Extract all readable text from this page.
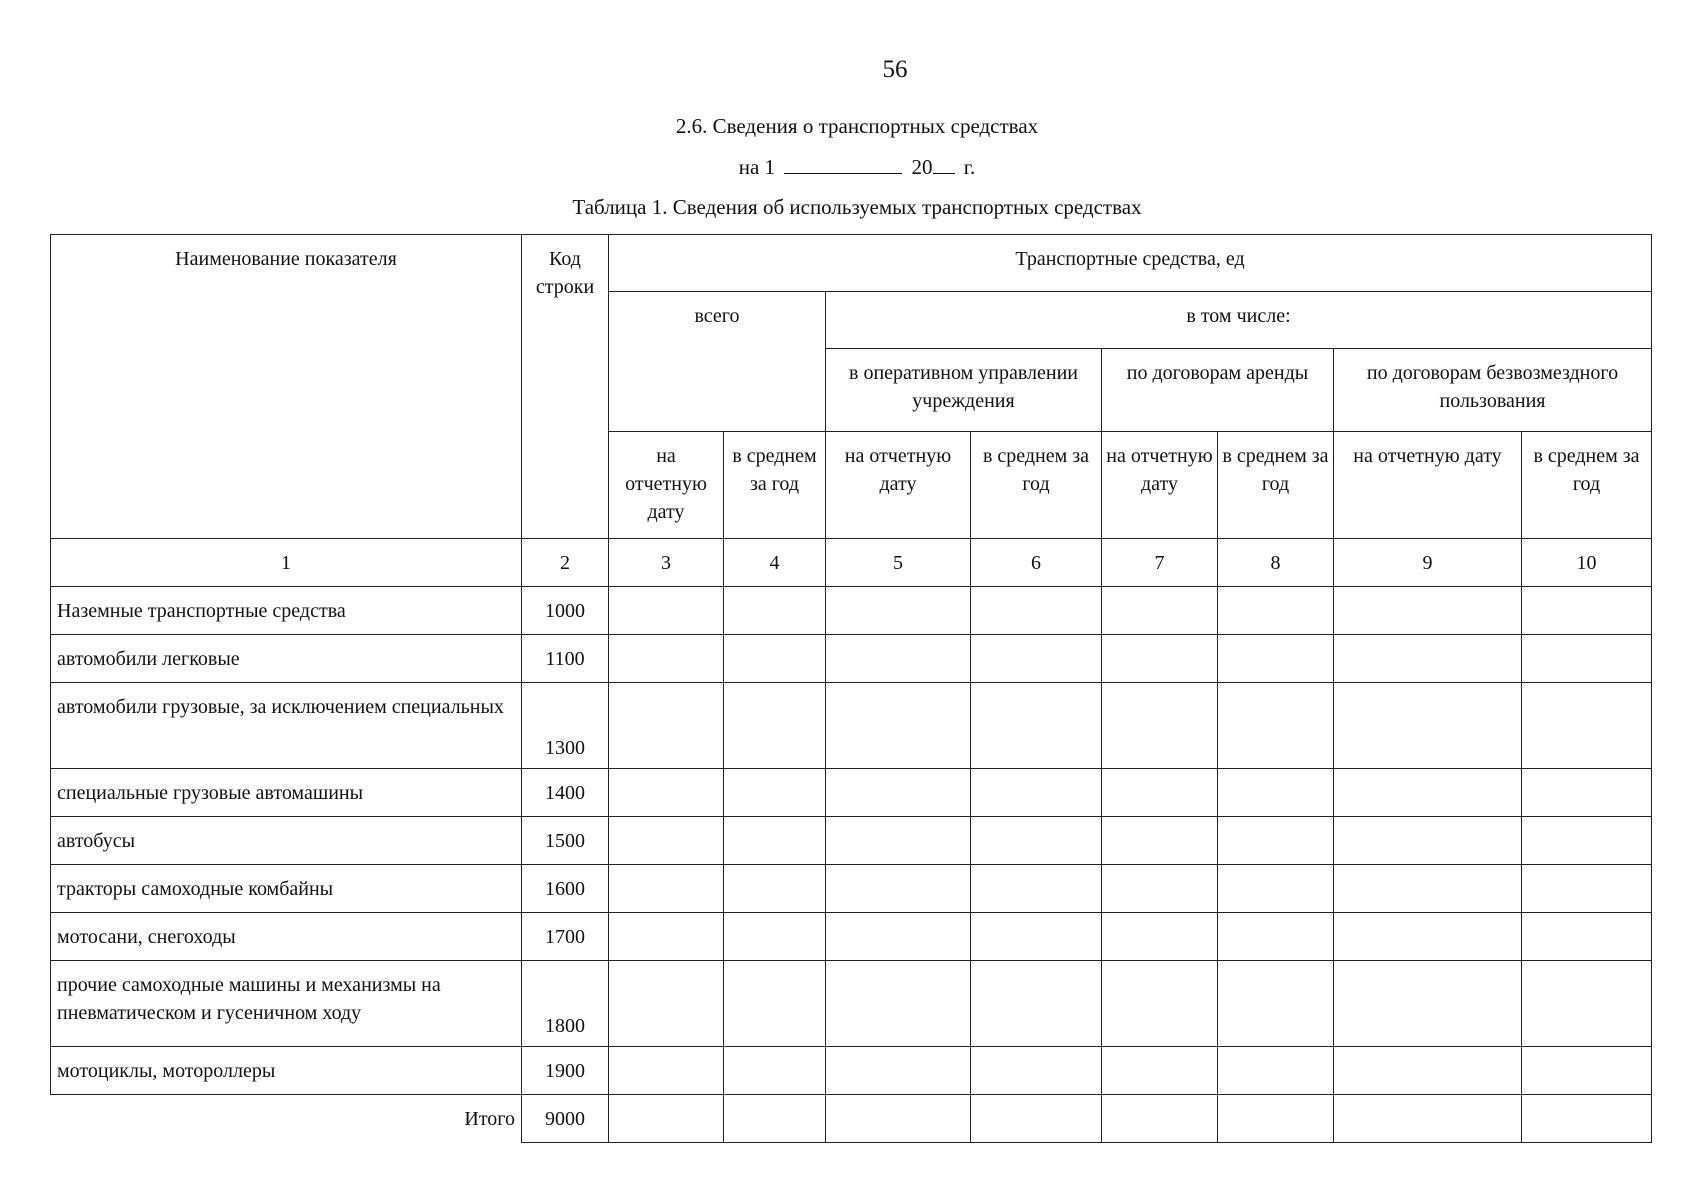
56
2.6. Сведения о транспортных средствах
на 1	20 г.
Таблица 1. Сведения об используемых транспортных средствах
Наименование показателя	Код строки	Транспортные средства, ед							
		всего		в том числе:					
				в оперативном управлении учреждения		по договорам аренды		по договорам безвозмездного пользования	
		на отчетную дату	в среднем за год	на отчетную дату	в среднем за год	на отчетную дату	в среднем за год	на отчетную дату	в среднем за год
1	2	3	4	5	6	7	8	9	10
Наземные транспортные средства	1000								
автомобили легковые	1100								
автомобили грузовые, за исключением специальных	1300								
специальные грузовые автомашины	1400								
автобусы	1500								
тракторы самоходные комбайны	1600								
мотосани, снегоходы	1700								
прочие самоходные машины и механизмы на пневматическом и гусеничном ходу	1800								
мотоциклы, мотороллеры	1900								
Итого	9000								
